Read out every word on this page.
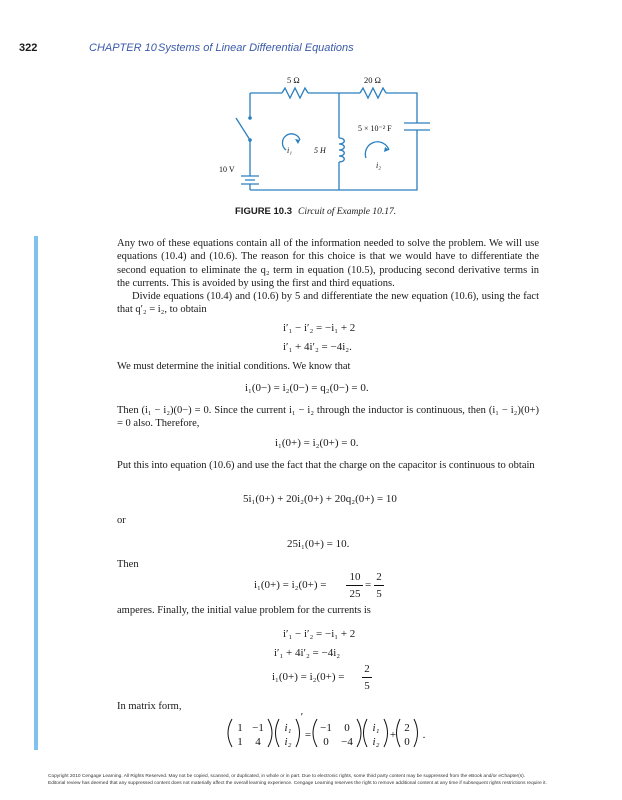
322	CHAPTER 10 Systems of Linear Differential Equations
5 Ω	20 Ω
5 × 10⁻² F
5 H
10 V
i₁
i₂
FIGURE 10.3 Circuit of Example 10.17.
Any two of these equations contain all of the information needed to solve the problem. We will use equations (10.4) and (10.6). The reason for this choice is that we would have to differentiate the second equation to eliminate the q₂ term in equation (10.5), producing second derivative terms in the currents. This is avoided by using the first and third equations.
Divide equations (10.4) and (10.6) by 5 and differentiate the new equation (10.6), using the fact that q′₂ = i₂, to obtain
i′₁ − i′₂ = −i₁ + 2
i′₁ + 4i′₂ = −4i₂.
We must determine the initial conditions. We know that
i₁(0−) = i₂(0−) = q₂(0−) = 0.
Then (i₁ − i₂)(0−) = 0. Since the current i₁ − i₂ through the inductor is continuous, then (i₁ − i₂)(0+) = 0 also. Therefore,
i₁(0+) = i₂(0+) = 0.
Put this into equation (10.6) and use the fact that the charge on the capacitor is continuous to obtain
5i₁(0+) + 20i₂(0+) + 20q₂(0+) = 10
or
25i₁(0+) = 10.
Then
i₁(0+) = i₂(0+) =
10
25
=
2
5
amperes. Finally, the initial value problem for the currents is
i′₁ − i′₂ = −i₁ + 2
i′₁ + 4i′₂ = −4i₂
i₁(0+) = i₂(0+) =
2
5
In matrix form,
1 −1
1 4
i₁
i₂
′
=
−1 0
0 −4
i₁
i₂
+
2
0
.
Copyright 2010 Cengage Learning. All Rights Reserved. May not be copied, scanned, or duplicated, in whole or in part. Due to electronic rights, some third party content may be suppressed from the eBook and/or eChapter(s).
Editorial review has deemed that any suppressed content does not materially affect the overall learning experience. Cengage Learning reserves the right to remove additional content at any time if subsequent rights restrictions require it.
